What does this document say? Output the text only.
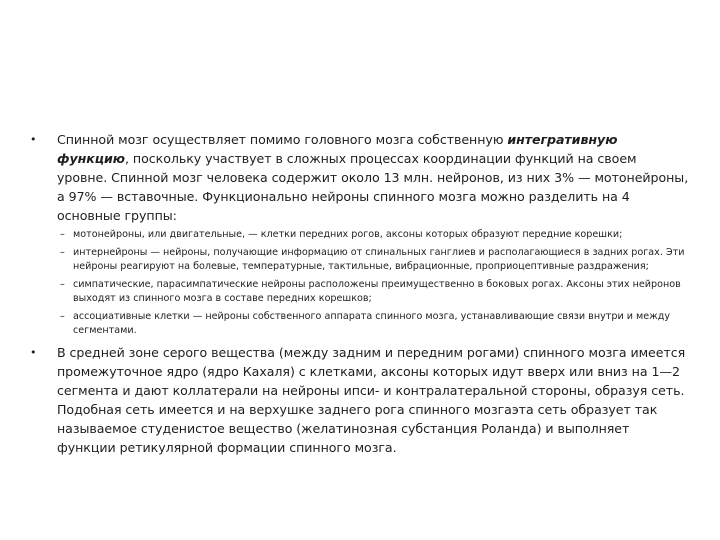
• Спинной мозг осуществляет помимо головного мозга собственную интегративную функцию, поскольку участвует в сложных процессах координации функций на своем уровне. Спинной мозг человека содержит около 13 млн. нейронов, из них 3% — мотонейроны, а 97% — вставочные. Функционально нейроны спинного мозга можно разделить на 4 основные группы:
– мотонейроны, или двигательные, — клетки передних рогов, аксоны которых образуют передние корешки;
– интернейроны — нейроны, получающие информацию от спинальных ганглиев и располагающиеся в задних рогах. Эти нейроны реагируют на болевые, температурные, тактильные, вибрационные, проприоцептивные раздражения;
– симпатические, парасимпатические нейроны расположены преимущественно в боковых рогах. Аксоны этих нейронов выходят из спинного мозга в составе передних корешков;
– ассоциативные клетки — нейроны собственного аппарата спинного мозга, устанавливающие связи внутри и между сегментами.
• В средней зоне серого вещества (между задним и передним рогами) спинного мозга имеется промежуточное ядро (ядро Кахаля) с клетками, аксоны которых идут вверх или вниз на 1—2 сегмента и дают коллатерали на нейроны ипси- и контралатеральной стороны, образуя сеть. Подобная сеть имеется и на верхушке заднего рога спинного мозгаэта сеть образует так называемое студенистое вещество (желатинозная субстанция Роланда) и выполняет функции ретикулярной формации спинного мозга.
